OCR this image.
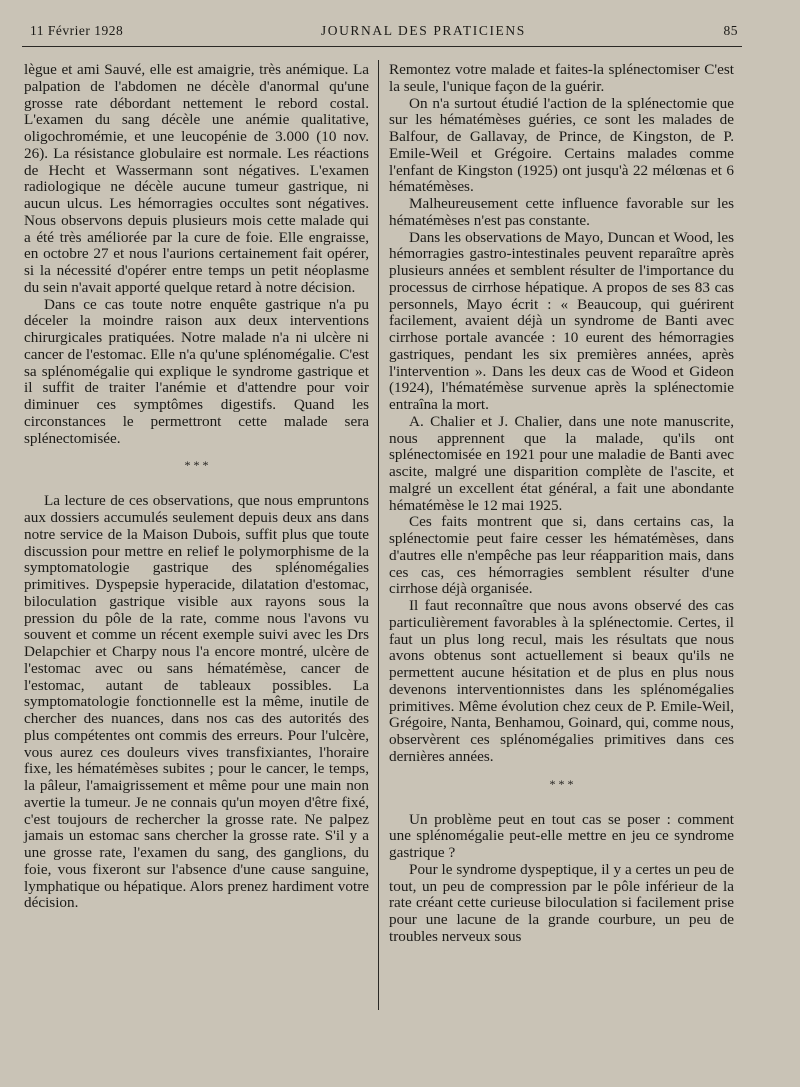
11 Février 1928	JOURNAL DES PRATICIENS	85

lègue et ami Sauvé, elle est amaigrie, très anémique. La palpation de l'abdomen ne décèle d'anormal qu'une grosse rate débordant nettement le rebord costal. L'examen du sang décèle une anémie qualitative, oligochromémie, et une leucopénie de 3.000 (10 nov. 26). La résistance globulaire est normale. Les réactions de Hecht et Wassermann sont négatives. L'examen radiologique ne décèle aucune tumeur gastrique, ni aucun ulcus. Les hémorragies occultes sont négatives. Nous observons depuis plusieurs mois cette malade qui a été très améliorée par la cure de foie. Elle engraisse, en octobre 27 et nous l'aurions certainement fait opérer, si la nécessité d'opérer entre temps un petit néoplasme du sein n'avait apporté quelque retard à notre décision.

Dans ce cas toute notre enquête gastrique n'a pu déceler la moindre raison aux deux interventions chirurgicales pratiquées. Notre malade n'a ni ulcère ni cancer de l'estomac. Elle n'a qu'une splénomégalie. C'est sa splénomégalie qui explique le syndrome gastrique et il suffit de traiter l'anémie et d'attendre pour voir diminuer ces symptômes digestifs. Quand les circonstances le permettront cette malade sera splénectomisée.

* * *

La lecture de ces observations, que nous empruntons aux dossiers accumulés seulement depuis deux ans dans notre service de la Maison Dubois, suffit plus que toute discussion pour mettre en relief le polymorphisme de la symptomatologie gastrique des splénomégalies primitives. Dyspepsie hyperacide, dilatation d'estomac, biloculation gastrique visible aux rayons sous la pression du pôle de la rate, comme nous l'avons vu souvent et comme un récent exemple suivi avec les Drs Delapchier et Charpy nous l'a encore montré, ulcère de l'estomac avec ou sans hématémèse, cancer de l'estomac, autant de tableaux possibles. La symptomatologie fonctionnelle est la même, inutile de chercher des nuances, dans nos cas des autorités des plus compétentes ont commis des erreurs. Pour l'ulcère, vous aurez ces douleurs vives transfixiantes, l'horaire fixe, les hématémèses subites ; pour le cancer, le temps, la pâleur, l'amaigrissement et même pour une main non avertie la tumeur. Je ne connais qu'un moyen d'être fixé, c'est toujours de rechercher la grosse rate. Ne palpez jamais un estomac sans chercher la grosse rate. S'il y a une grosse rate, l'examen du sang, des ganglions, du foie, vous fixeront sur l'absence d'une cause sanguine, lymphatique ou hépatique. Alors prenez hardiment votre décision.

Remontez votre malade et faites-la splénectomiser C'est la seule, l'unique façon de la guérir.

On n'a surtout étudié l'action de la splénectomie que sur les hématémèses guéries, ce sont les malades de Balfour, de Gallavay, de Prince, de Kingston, de P. Emile-Weil et Grégoire. Certains malades comme l'enfant de Kingston (1925) ont jusqu'à 22 mélœnas et 6 hématémèses.

Malheureusement cette influence favorable sur les hématémèses n'est pas constante.

Dans les observations de Mayo, Duncan et Wood, les hémorragies gastro-intestinales peuvent reparaître après plusieurs années et semblent résulter de l'importance du processus de cirrhose hépatique. A propos de ses 83 cas personnels, Mayo écrit : « Beaucoup, qui guérirent facilement, avaient déjà un syndrome de Banti avec cirrhose portale avancée : 10 eurent des hémorragies gastriques, pendant les six premières années, après l'intervention ». Dans les deux cas de Wood et Gideon (1924), l'hématémèse survenue après la splénectomie entraîna la mort.

A. Chalier et J. Chalier, dans une note manuscrite, nous apprennent que la malade, qu'ils ont splénectomisée en 1921 pour une maladie de Banti avec ascite, malgré une disparition complète de l'ascite, et malgré un excellent état général, a fait une abondante hématémèse le 12 mai 1925.

Ces faits montrent que si, dans certains cas, la splénectomie peut faire cesser les hématémèses, dans d'autres elle n'empêche pas leur réapparition mais, dans ces cas, ces hémorragies semblent résulter d'une cirrhose déjà organisée.

Il faut reconnaître que nous avons observé des cas particulièrement favorables à la splénectomie. Certes, il faut un plus long recul, mais les résultats que nous avons obtenus sont actuellement si beaux qu'ils ne permettent aucune hésitation et de plus en plus nous devenons interventionnistes dans les splénomégalies primitives. Même évolution chez ceux de P. Emile-Weil, Grégoire, Nanta, Benhamou, Goinard, qui, comme nous, observèrent ces splénomégalies primitives dans ces dernières années.

* * *

Un problème peut en tout cas se poser : comment une splénomégalie peut-elle mettre en jeu ce syndrome gastrique ?

Pour le syndrome dyspeptique, il y a certes un peu de tout, un peu de compression par le pôle inférieur de la rate créant cette curieuse biloculation si facilement prise pour une lacune de la grande courbure, un peu de troubles nerveux sous
